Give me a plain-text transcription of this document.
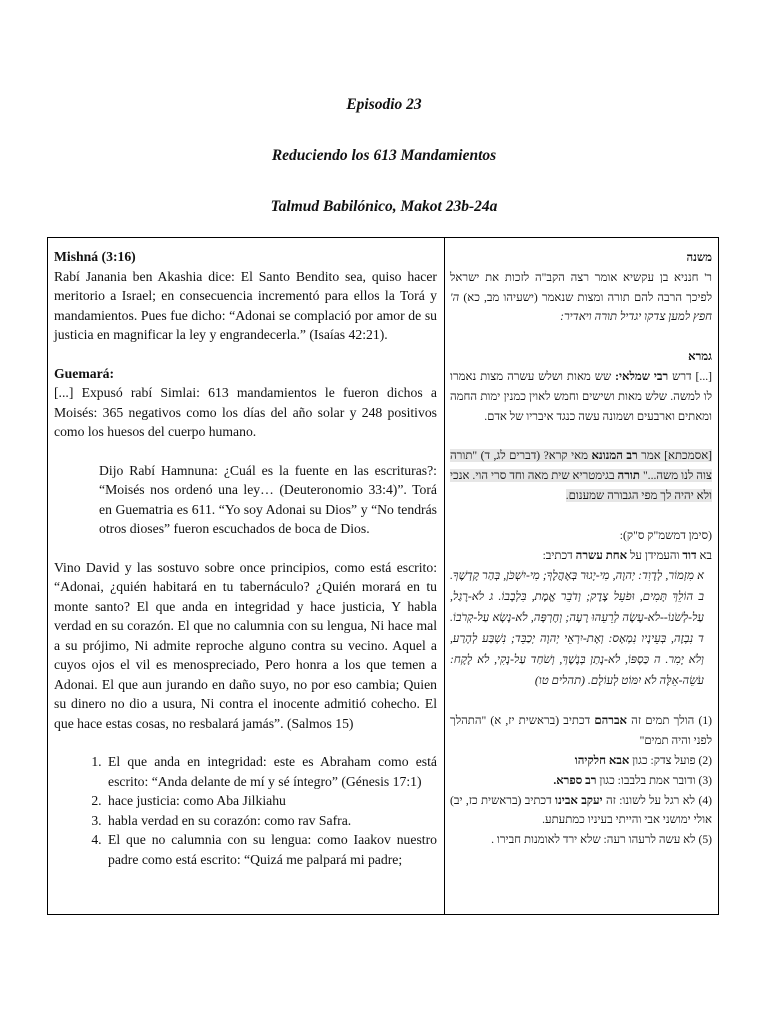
Episodio 23
Reduciendo los 613 Mandamientos
Talmud Babilónico, Makot 23b-24a

Mishná (3:16)

Rabí Janania ben Akashia dice: El Santo Bendito sea, quiso hacer meritorio a Israel; en consecuencia incrementó para ellos la Torá y mandamientos. Pues fue dicho: “Adonai se complació por amor de su justicia en magnificar la ley y engrandecerla.” (Isaías 42:21).

Guemará:

[...] Expusó rabí Simlai: 613 mandamientos le fueron dichos a Moisés: 365 negativos como los días del año solar y 248 positivos como los huesos del cuerpo humano.

Dijo Rabí Hamnuna: ¿Cuál es la fuente en las escrituras?: “Moisés nos ordenó una ley… (Deuteronomio 33:4)”. Torá en Guematria es 611. “Yo soy Adonai su Dios” y “No tendrás otros dioses” fueron escuchados de boca de Dios.

Vino David y las sostuvo sobre once principios, como está escrito: “Adonai, ¿quién habitará en tu tabernáculo? ¿Quién morará en tu monte santo? El que anda en integridad y hace justicia, Y habla verdad en su corazón. El que no calumnia con su lengua, Ni hace mal a su prójimo, Ni admite reproche alguno contra su vecino. Aquel a cuyos ojos el vil es menospreciado, Pero honra a los que temen a Adonai. El que aun jurando en daño suyo, no por eso cambia; Quien su dinero no dio a usura, Ni contra el inocente admitió cohecho. El que hace estas cosas, no resbalará jamás”. (Salmos 15)

1. El que anda en integridad: este es Abraham como está escrito: “Anda delante de mí y sé íntegro” (Génesis 17:1)
2. hace justicia: como Aba Jilkiahu
3. habla verdad en su corazón: como rav Safra.
4. El que no calumnia con su lengua: como Iaakov nuestro padre como está escrito: “Quizá me palpará mi padre;

משנה

ר' חנניא בן עקשיא אומר רצה הקב"ה לזכות את ישראל לפיכך הרבה להם תורה ומצות שנאמר (ישעיהו מב, כא) ה' חפץ למען צדקו יגדיל תורה ויאדיר:

גמרא

[...] דרש רבי שמלאי: שש מאות ושלש עשרה מצות נאמרו לו למשה. שלש מאות ושישים וחמש לאוין כמנין ימות החמה ומאתים וארבעים ושמונה עשה כנגד איבריו של אדם.

[אסמכתא] אמר רב המנונא מאי קרא? (דברים לג, ד) "תורה צוה לנו משה..." תורה בגימטריא שית מאה וחד סרי הוי. אנכי ולא יהיה לך מפי הגבורה שמענום.

(סימן דמשמ"ק ס"ק):

בא דוד והעמידן על אחת עשרה דכתיב:

א מִזְמוֹר, לְדָוִד: יְהוָה, מִי-יָגוּר בְּאָהֳלֶךָ; מִי-יִשְׁכֹּן, בְּהַר קָדְשֶׁךָ. ב הוֹלֵךְ תָּמִים, וּפֹעֵל צֶדֶק; וְדֹבֵר אֱמֶת, בִּלְבָבוֹ. ג לֹא-רָגַל, עַל-לְשֹׁנוֹ--לֹא-עָשָׂה לְרֵעֵהוּ רָעָה; וְחֶרְפָּה, לֹא-נָשָׂא עַל-קְרֹבוֹ. ד נִבְזֶה, בְּעֵינָיו נִמְאָס: וְאֶת-יִרְאֵי יְהוָה יְכַבֵּד; נִשְׁבַּע לְהָרַע, וְלֹא יָמִר. ה כַּסְפּוֹ, לֹא-נָתַן בְּנֶשֶׁךְ, וְשֹׁחַד עַל-נָקִי, לֹא לָקָח: עֹשֵׂה-אֵלֶּה לֹא יִמּוֹט לְעוֹלָם. (תהלים טו)

(1) הולך תמים זה אברהם דכתיב (בראשית יז, א) "התהלך לפני והיה תמים"

(2) פועל צדק: כגון אבא חלקיהו

(3) ודובר אמת בלבבו: כגון רב ספרא.

(4) לא רגל על לשונו: זה יעקב אבינו דכתיב (בראשית כז, יב) אולי ימושני אבי והייתי בעיניו כמתעתע.

(5) לא עשה לרעהו רעה: שלא ירד לאומנות חבירו .
